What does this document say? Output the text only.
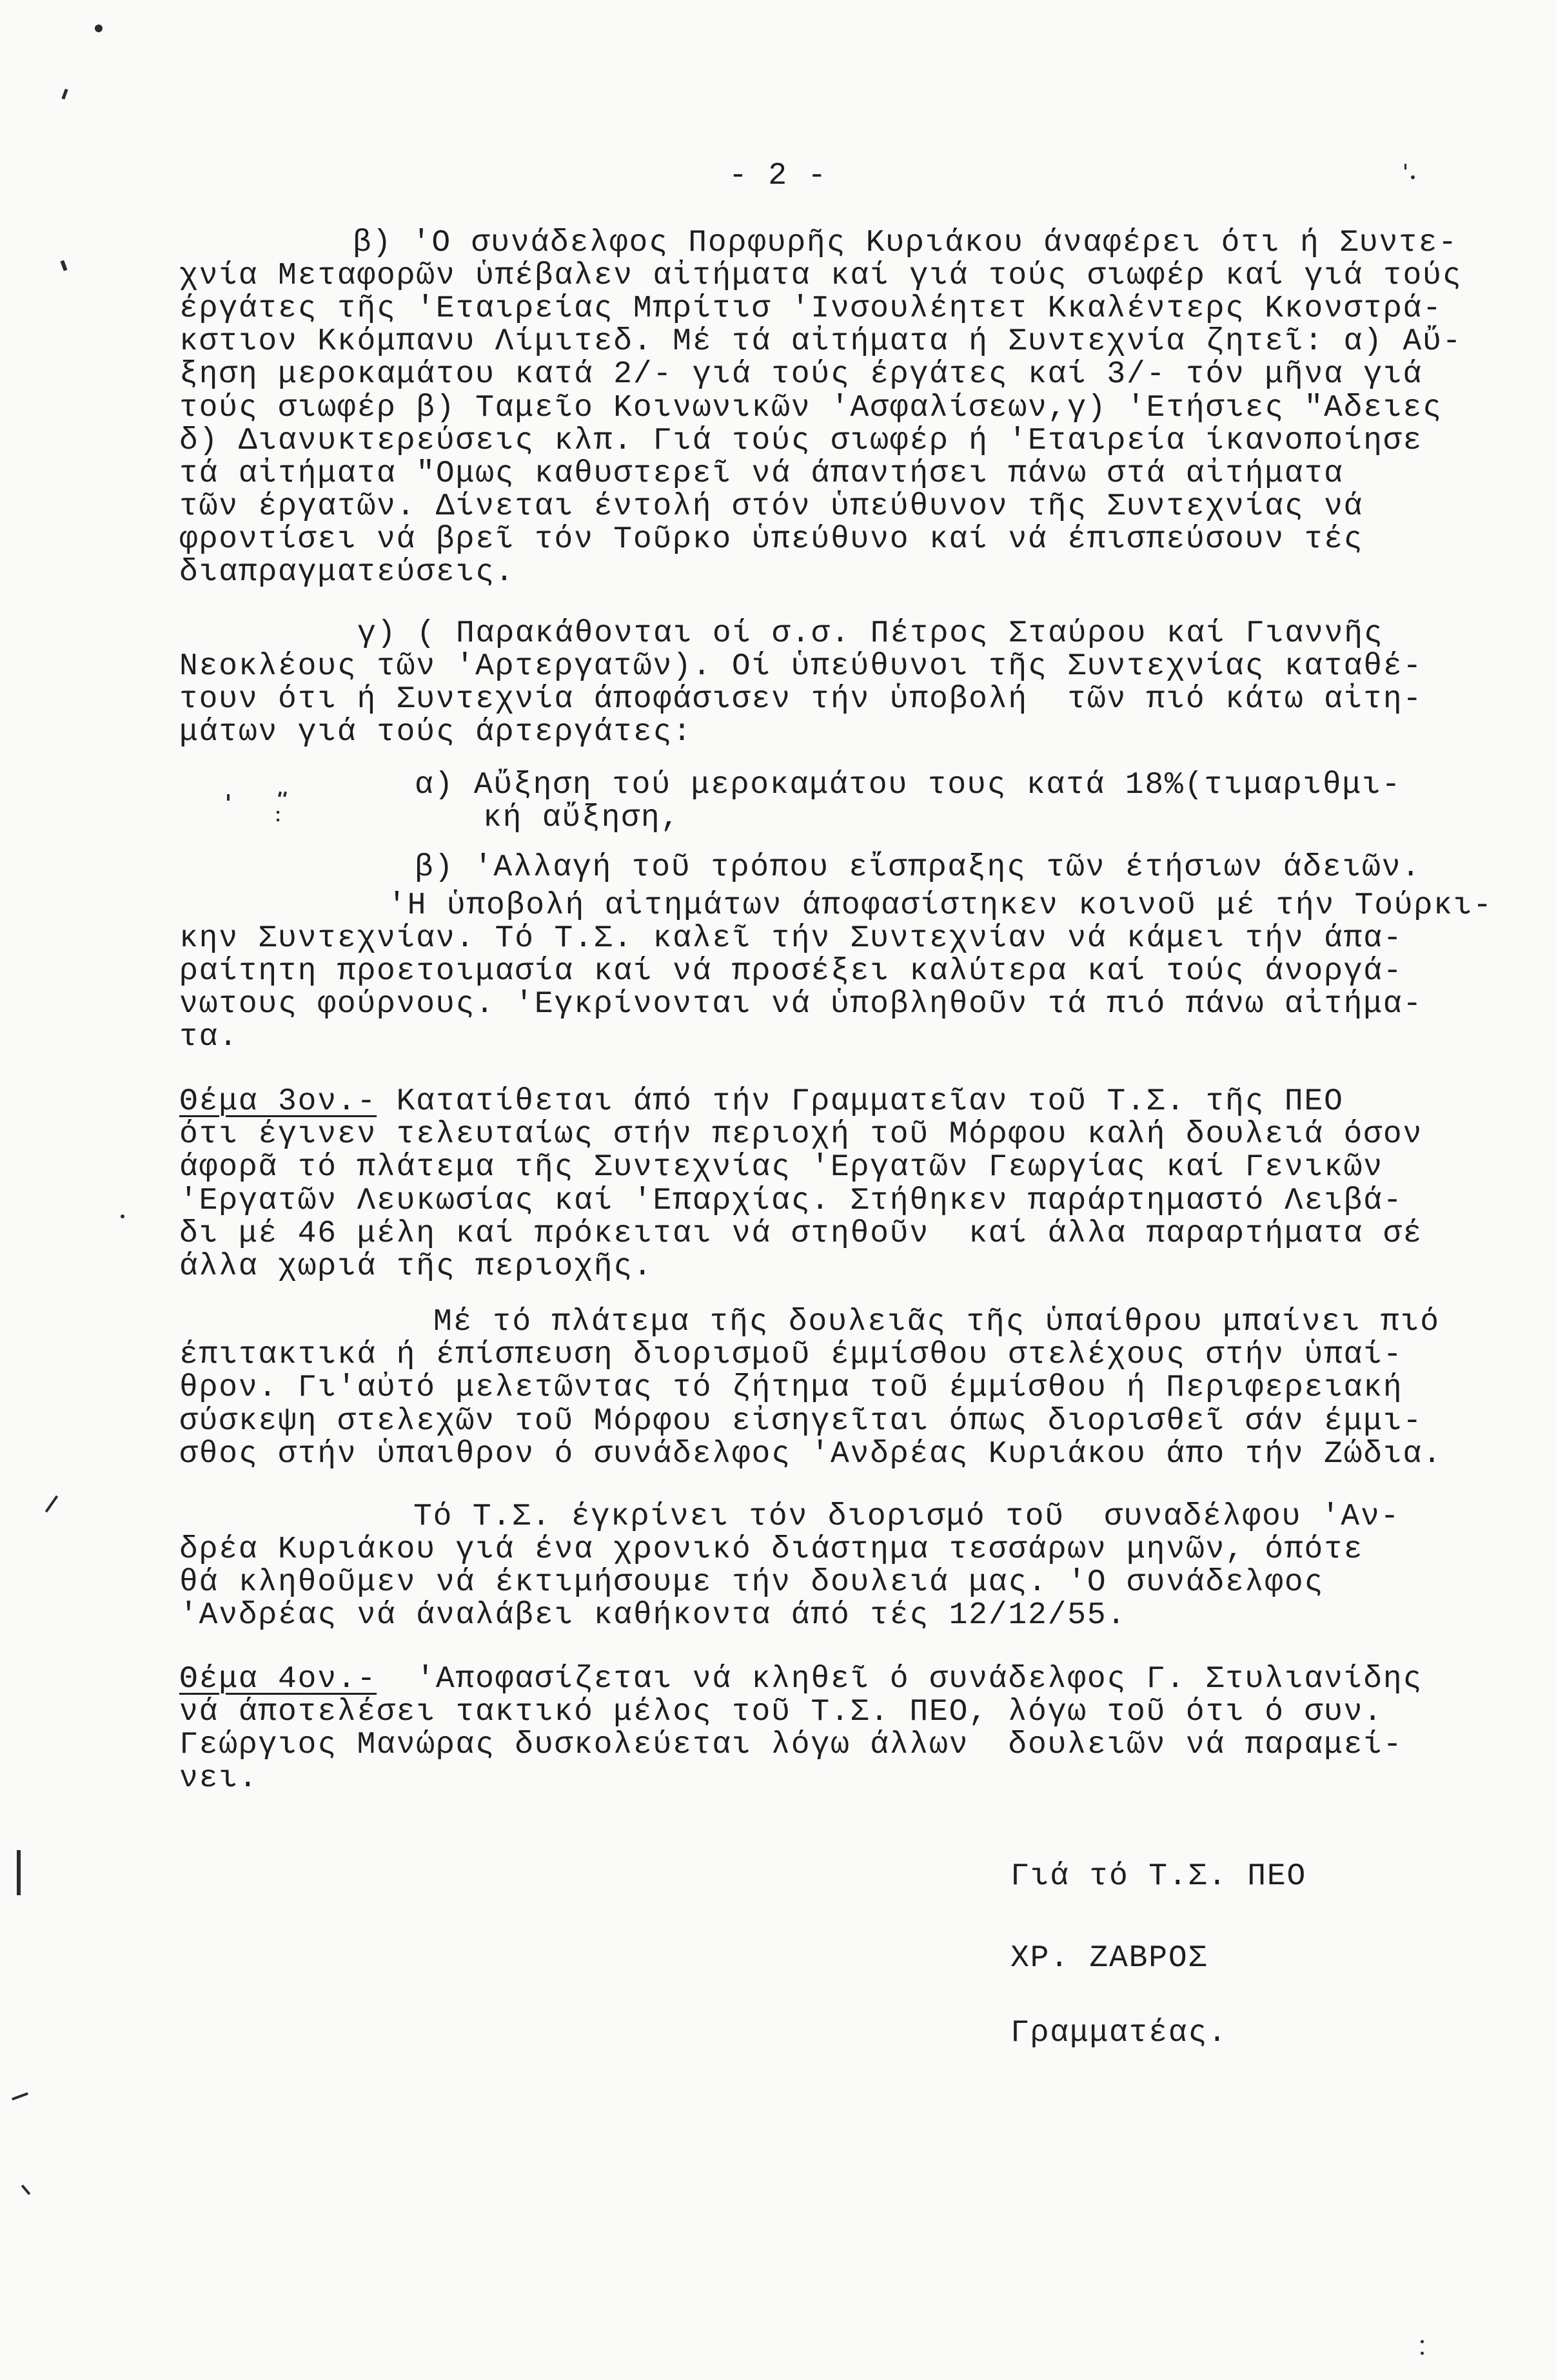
- 2 -
β) 'Ο συνάδελφος Πορφυρῆς Κυριάκου άναφέρει ότι ή Συντε-
χνία Μεταφορῶν ὑπέβαλεν αἰτήματα καί γιά τούς σιωφέρ καί γιά τούς
έργάτες τῆς 'Εταιρείας Μπρίτισ 'Ινσουλέητετ Κκαλέντερς Κκονστρά-
κστιον Κκόμπανυ Λίμιτεδ. Μέ τά αἰτήματα ή Συντεχνία ζητεῖ: α) Αὔ-
ξηση μεροκαμάτου κατά 2/- γιά τούς έργάτες καί 3/- τόν μῆνα γιά
τούς σιωφέρ β) Ταμεῖο Κοινωνικῶν 'Ασφαλίσεων,γ) 'Ετήσιες "Αδειες
δ) Διανυκτερεύσεις κλπ. Γιά τούς σιωφέρ ή 'Εταιρεία ίκανοποίησε
τά αἰτήματα "Ομως καθυστερεῖ νά άπαντήσει πάνω στά αἰτήματα
τῶν έργατῶν. Δίνεται έντολή στόν ὑπεύθυνον τῆς Συντεχνίας νά
φροντίσει νά βρεῖ τόν Τοῦρκο ὑπεύθυνο καί νά έπισπεύσουν τές
διαπραγματεύσεις.
γ) ( Παρακάθονται οί σ.σ. Πέτρος Σταύρου καί Γιαννῆς
Νεοκλέους τῶν 'Αρτεργατῶν). Οί ὑπεύθυνοι τῆς Συντεχνίας καταθέ-
τουν ότι ή Συντεχνία άποφάσισεν τήν ὑποβολή  τῶν πιό κάτω αἰτη-
μάτων γιά τούς άρτεργάτες:
α) Αὔξηση τού μεροκαμάτου τους κατά 18%(τιμαριθμι-
κή αὔξηση,
β) 'Αλλαγή τοῦ τρόπου εἴσπραξης τῶν έτήσιων άδειῶν.
'Η ὑποβολή αἰτημάτων άποφασίστηκεν κοινοῦ μέ τήν Τούρκι-
κην Συντεχνίαν. Τό Τ.Σ. καλεῖ τήν Συντεχνίαν νά κάμει τήν άπα-
ραίτητη προετοιμασία καί νά προσέξει καλύτερα καί τούς άνοργά-
νωτους φούρνους. 'Εγκρίνονται νά ὑποβληθοῦν τά πιό πάνω αἰτήμα-
τα.
Θέμα 3ον.- Κατατίθεται άπό τήν Γραμματεῖαν τοῦ Τ.Σ. τῆς ΠΕΟ
ότι έγινεν τελευταίως στήν περιοχή τοῦ Μόρφου καλή δουλειά όσον
άφορᾶ τό πλάτεμα τῆς Συντεχνίας 'Εργατῶν Γεωργίας καί Γενικῶν
'Εργατῶν Λευκωσίας καί 'Επαρχίας. Στήθηκεν παράρτημαστό Λειβά-
δι μέ 46 μέλη καί πρόκειται νά στηθοῦν  καί άλλα παραρτήματα σέ
άλλα χωριά τῆς περιοχῆς.
Μέ τό πλάτεμα τῆς δουλειᾶς τῆς ὑπαίθρου μπαίνει πιό
έπιτακτικά ή έπίσπευση διορισμοῦ έμμίσθου στελέχους στήν ὑπαί-
θρον. Γι'αὐτό μελετῶντας τό ζήτημα τοῦ έμμίσθου ή Περιφερειακή
σύσκεψη στελεχῶν τοῦ Μόρφου εἰσηγεῖται όπως διορισθεῖ σάν έμμι-
σθος στήν ὑπαιθρον ό συνάδελφος 'Ανδρέας Κυριάκου άπο τήν Ζώδια.
Τό Τ.Σ. έγκρίνει τόν διορισμό τοῦ  συναδέλφου 'Αν-
δρέα Κυριάκου γιά ένα χρονικό διάστημα τεσσάρων μηνῶν, όπότε
θά κληθοῦμεν νά έκτιμήσουμε τήν δουλειά μας. 'Ο συνάδελφος
'Ανδρέας νά άναλάβει καθήκοντα άπό τές 12/12/55.
Θέμα 4ον.-  'Αποφασίζεται νά κληθεῖ ό συνάδελφος Γ. Στυλιανίδης
νά άποτελέσει τακτικό μέλος τοῦ Τ.Σ. ΠΕΟ, λόγω τοῦ ότι ό συν.
Γεώργιος Μανώρας δυσκολεύεται λόγω άλλων  δουλειῶν νά παραμεί-
νει.
Γιά τό Τ.Σ. ΠΕΟ
ΧΡ. ΖΑΒΡΟΣ
Γραμματέας.
